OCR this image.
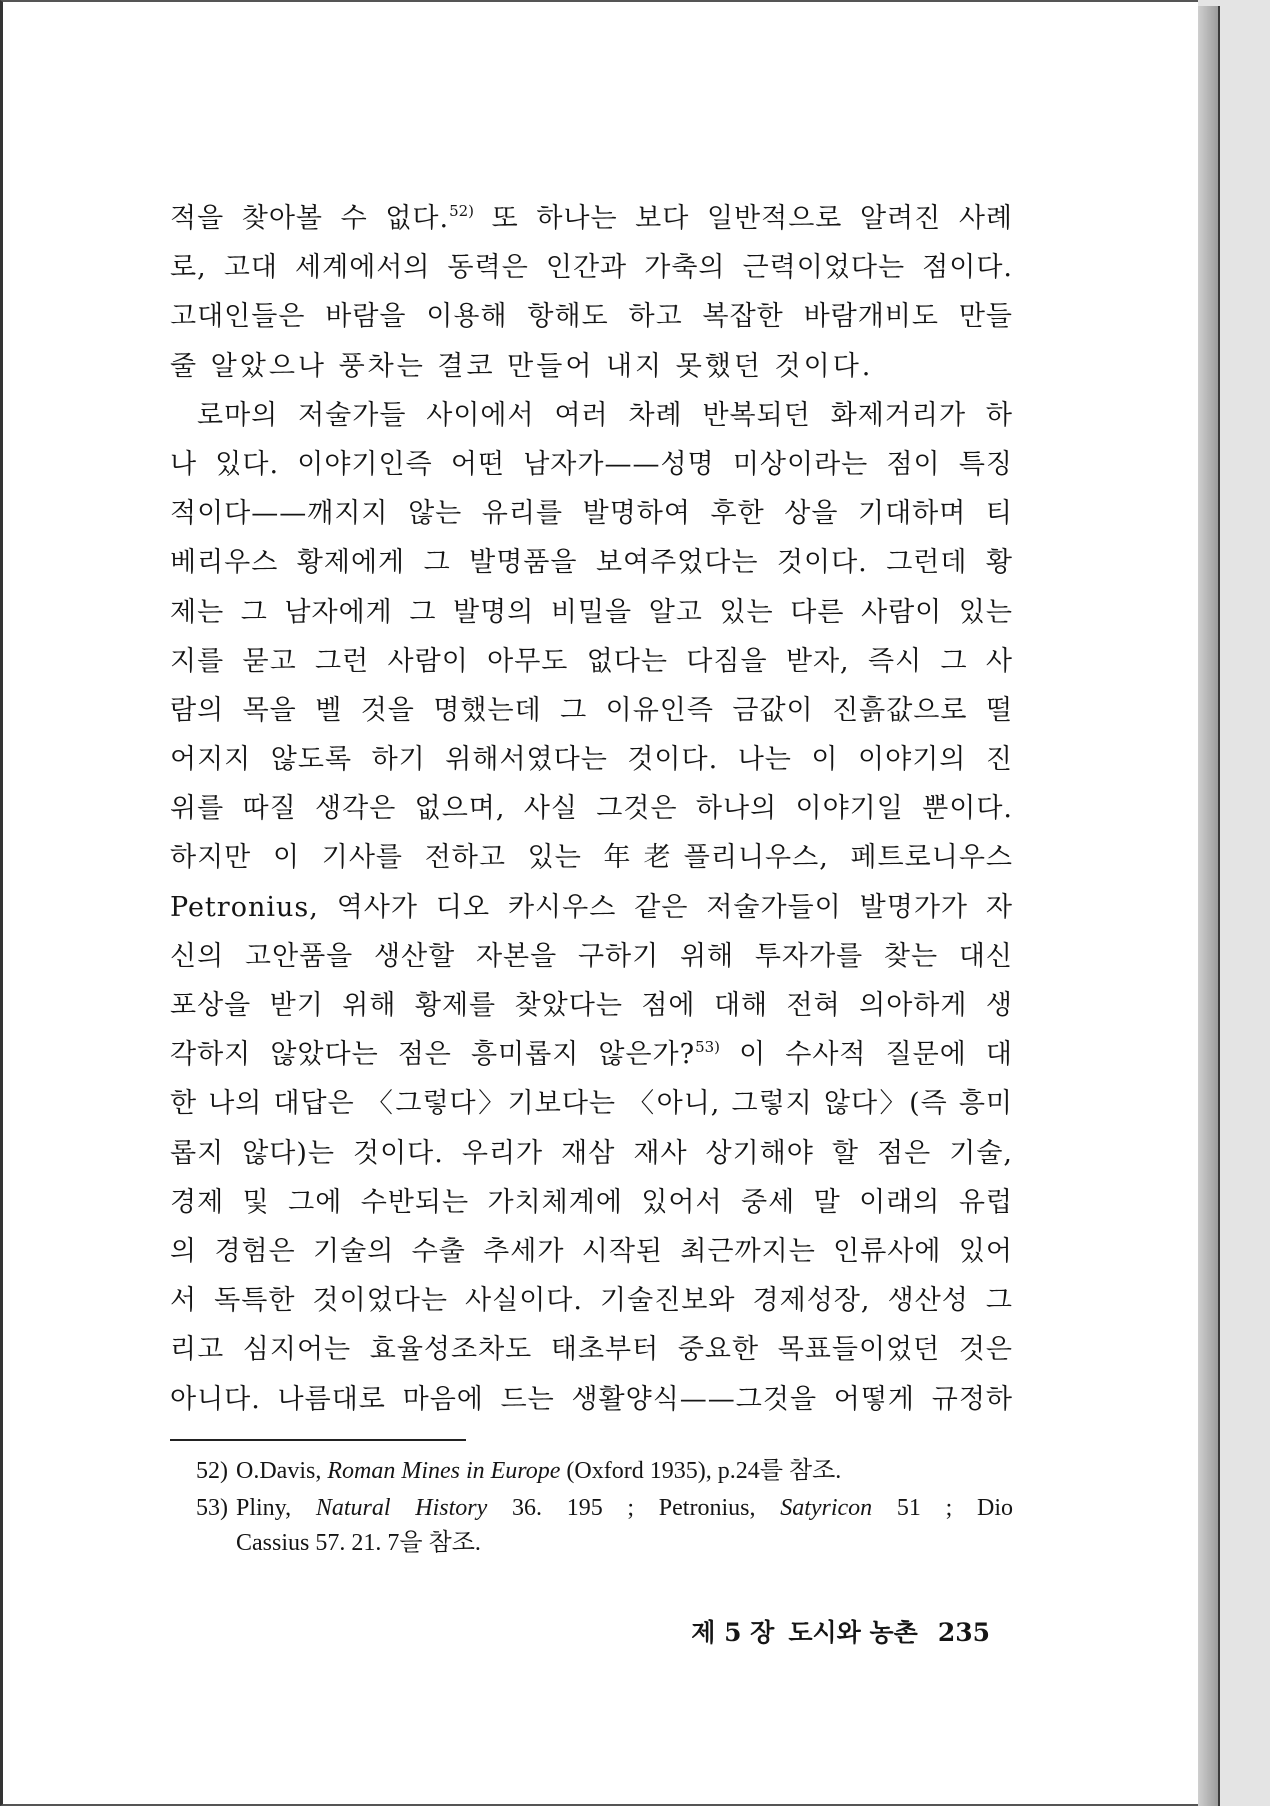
적을 찾아볼 수 없다.$^{52)}$ 또 하나는 보다 일반적으로 알려진 사례
로, 고대 세계에서의 동력은 인간과 가축의 근력이었다는 점이다.
고대인들은 바람을 이용해 항해도 하고 복잡한 바람개비도 만들
줄 알았으나 풍차는 결코 만들어 내지 못했던 것이다.
로마의 저술가들 사이에서 여러 차례 반복되던 화제거리가 하
나 있다. 이야기인즉 어떤 남자가——성명 미상이라는 점이 특징
적이다——깨지지 않는 유리를 발명하여 후한 상을 기대하며 티
베리우스 황제에게 그 발명품을 보여주었다는 것이다. 그런데 황
제는 그 남자에게 그 발명의 비밀을 알고 있는 다른 사람이 있는
지를 묻고 그런 사람이 아무도 없다는 다짐을 받자, 즉시 그 사
람의 목을 벨 것을 명했는데 그 이유인즉 금값이 진흙값으로 떨
어지지 않도록 하기 위해서였다는 것이다. 나는 이 이야기의 진
위를 따질 생각은 없으며, 사실 그것은 하나의 이야기일 뿐이다.
하지만 이 기사를 전하고 있는 年老플리니우스, 페트로니우스
Petronius, 역사가 디오 카시우스 같은 저술가들이 발명가가 자
신의 고안품을 생산할 자본을 구하기 위해 투자가를 찾는 대신
포상을 받기 위해 황제를 찾았다는 점에 대해 전혀 의아하게 생
각하지 않았다는 점은 흥미롭지 않은가?$^{53)}$ 이 수사적 질문에 대
한 나의 대답은 〈그렇다〉기보다는 〈아니, 그렇지 않다〉(즉 흥미
롭지 않다)는 것이다. 우리가 재삼 재사 상기해야 할 점은 기술,
경제 및 그에 수반되는 가치체계에 있어서 중세 말 이래의 유럽
의 경험은 기술의 수출 추세가 시작된 최근까지는 인류사에 있어
서 독특한 것이었다는 사실이다. 기술진보와 경제성장, 생산성 그
리고 심지어는 효율성조차도 태초부터 중요한 목표들이었던 것은
아니다. 나름대로 마음에 드는 생활양식——그것을 어떻게 규정하
52) O.Davis, Roman Mines in Europe (Oxford 1935), p.24를 참조.
53) Pliny, Natural History 36. 195 ; Petronius, Satyricon 51 ; Dio
Cassius 57. 21. 7을 참조.
제 5 장 도시와 농촌 235
